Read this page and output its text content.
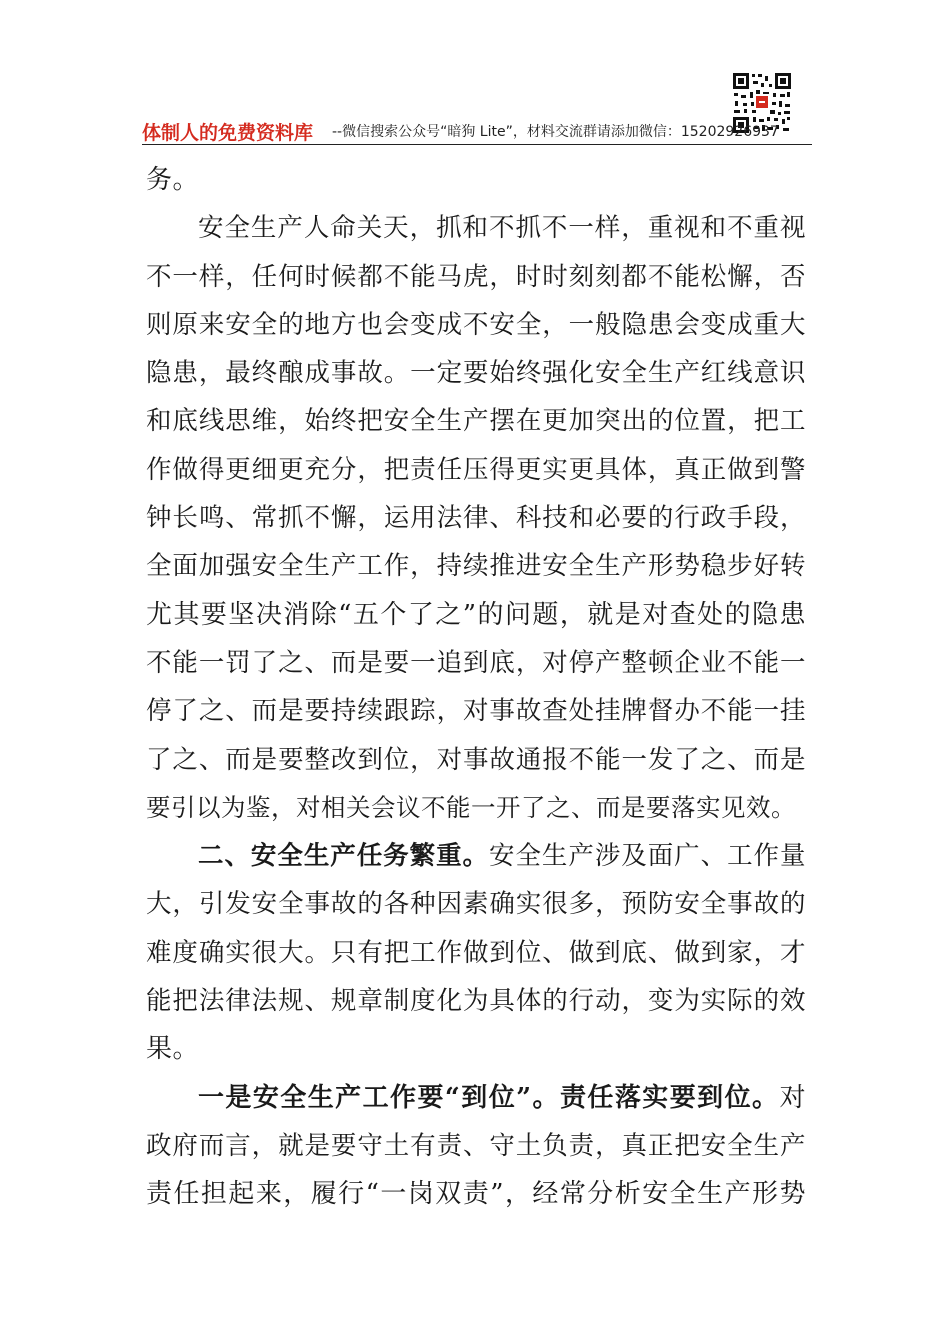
体制人的免费资料库 --微信搜索公众号“暗狗 Lite”，材料交流群请添加微信：15202926937
务。
安全生产人命关天，抓和不抓不一样，重视和不重视
不一样，任何时候都不能马虎，时时刻刻都不能松懈，否
则原来安全的地方也会变成不安全，一般隐患会变成重大
隐患，最终酿成事故。一定要始终强化安全生产红线意识
和底线思维，始终把安全生产摆在更加突出的位置，把工
作做得更细更充分，把责任压得更实更具体，真正做到警
钟长鸣、常抓不懈，运用法律、科技和必要的行政手段，
全面加强安全生产工作，持续推进安全生产形势稳步好转
尤其要坚决消除“五个了之”的问题，就是对查处的隐患
不能一罚了之、而是要一追到底，对停产整顿企业不能一
停了之、而是要持续跟踪，对事故查处挂牌督办不能一挂
了之、而是要整改到位，对事故通报不能一发了之、而是
要引以为鉴，对相关会议不能一开了之、而是要落实见效。
二、安全生产任务繁重。安全生产涉及面广、工作量
大，引发安全事故的各种因素确实很多，预防安全事故的
难度确实很大。只有把工作做到位、做到底、做到家，才
能把法律法规、规章制度化为具体的行动，变为实际的效
果。
一是安全生产工作要“到位”。责任落实要到位。对
政府而言，就是要守土有责、守土负责，真正把安全生产
责任担起来，履行“一岗双责”，经常分析安全生产形势
